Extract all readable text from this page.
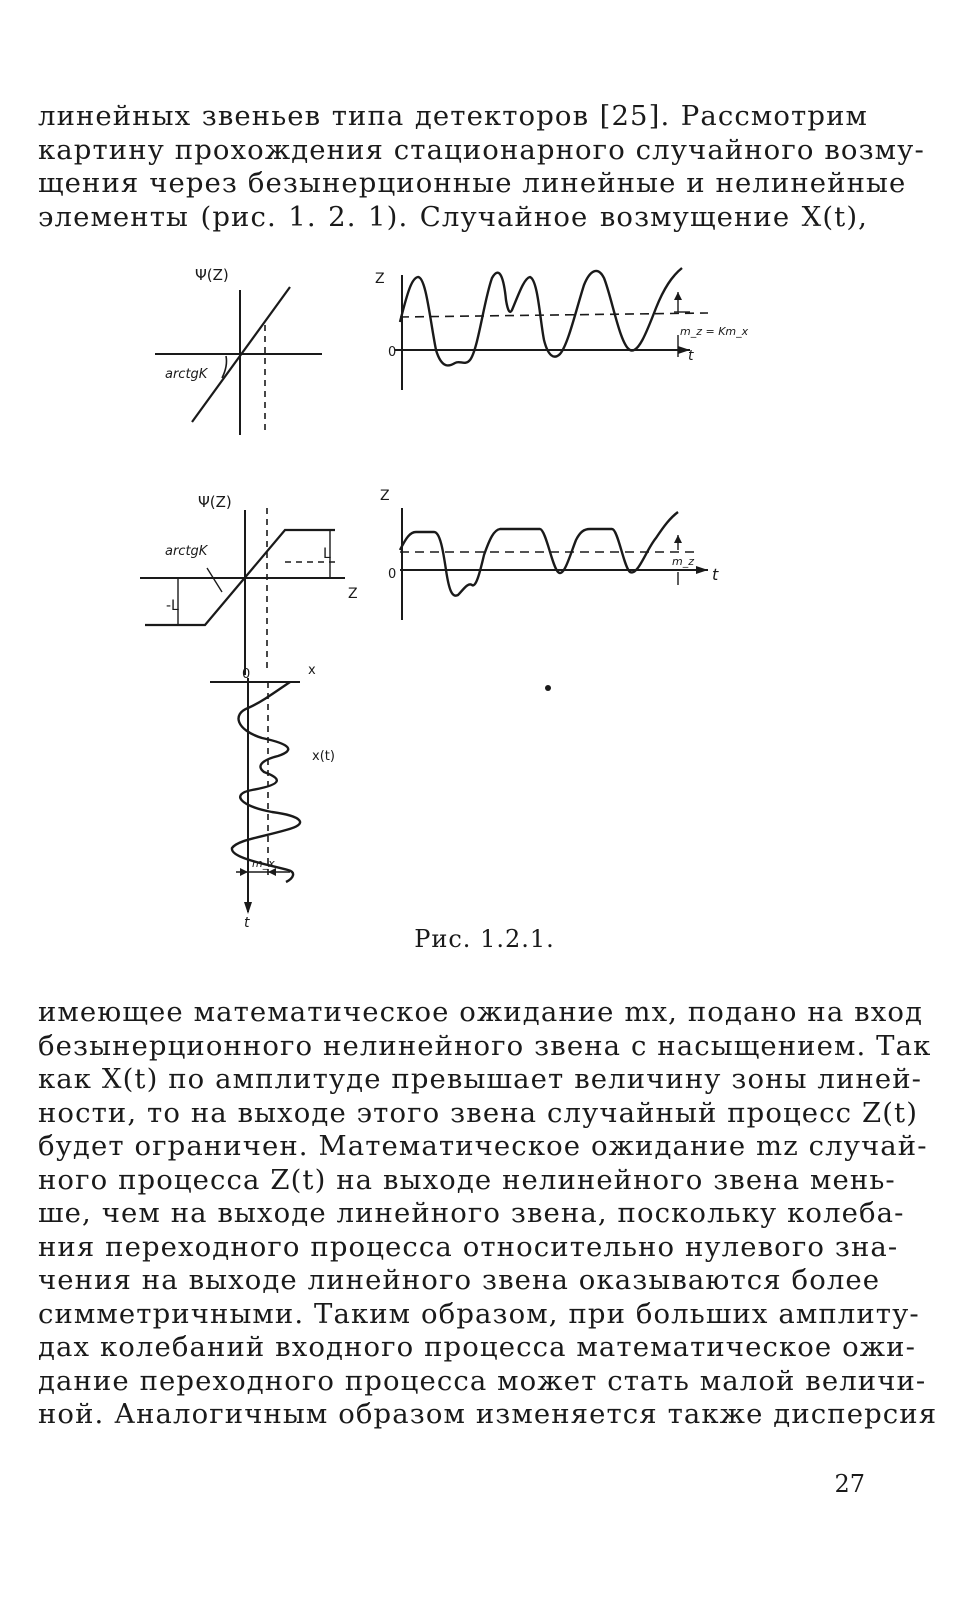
линейных звеньев типа детекторов [25]. Рассмотрим
картину прохождения стационарного случайного возму-
щения через безынерционные линейные и нелинейные
элементы (рис. 1. 2. 1). Случайное возмущение X(t),
Ψ(Z)
arctgK
Z
0
m_z = Km_x
t
Ψ(Z)
arctgK	L
-L
Z
Z
0
m_z
t
0	x
x(t)
m_x
t
Рис. 1.2.1.
имеющее математическое ожидание mx, подано на вход
безынерционного нелинейного звена с насыщением. Так
как X(t) по амплитуде превышает величину зоны линей-
ности, то на выходе этого звена случайный процесс Z(t)
будет ограничен. Математическое ожидание mz случай-
ного процесса Z(t) на выходе нелинейного звена мень-
ше, чем на выходе линейного звена, поскольку колеба-
ния переходного процесса относительно нулевого зна-
чения на выходе линейного звена оказываются более
симметричными. Таким образом, при больших амплиту-
дах колебаний входного процесса математическое ожи-
дание переходного процесса может стать малой величи-
ной. Аналогичным образом изменяется также дисперсия
27
